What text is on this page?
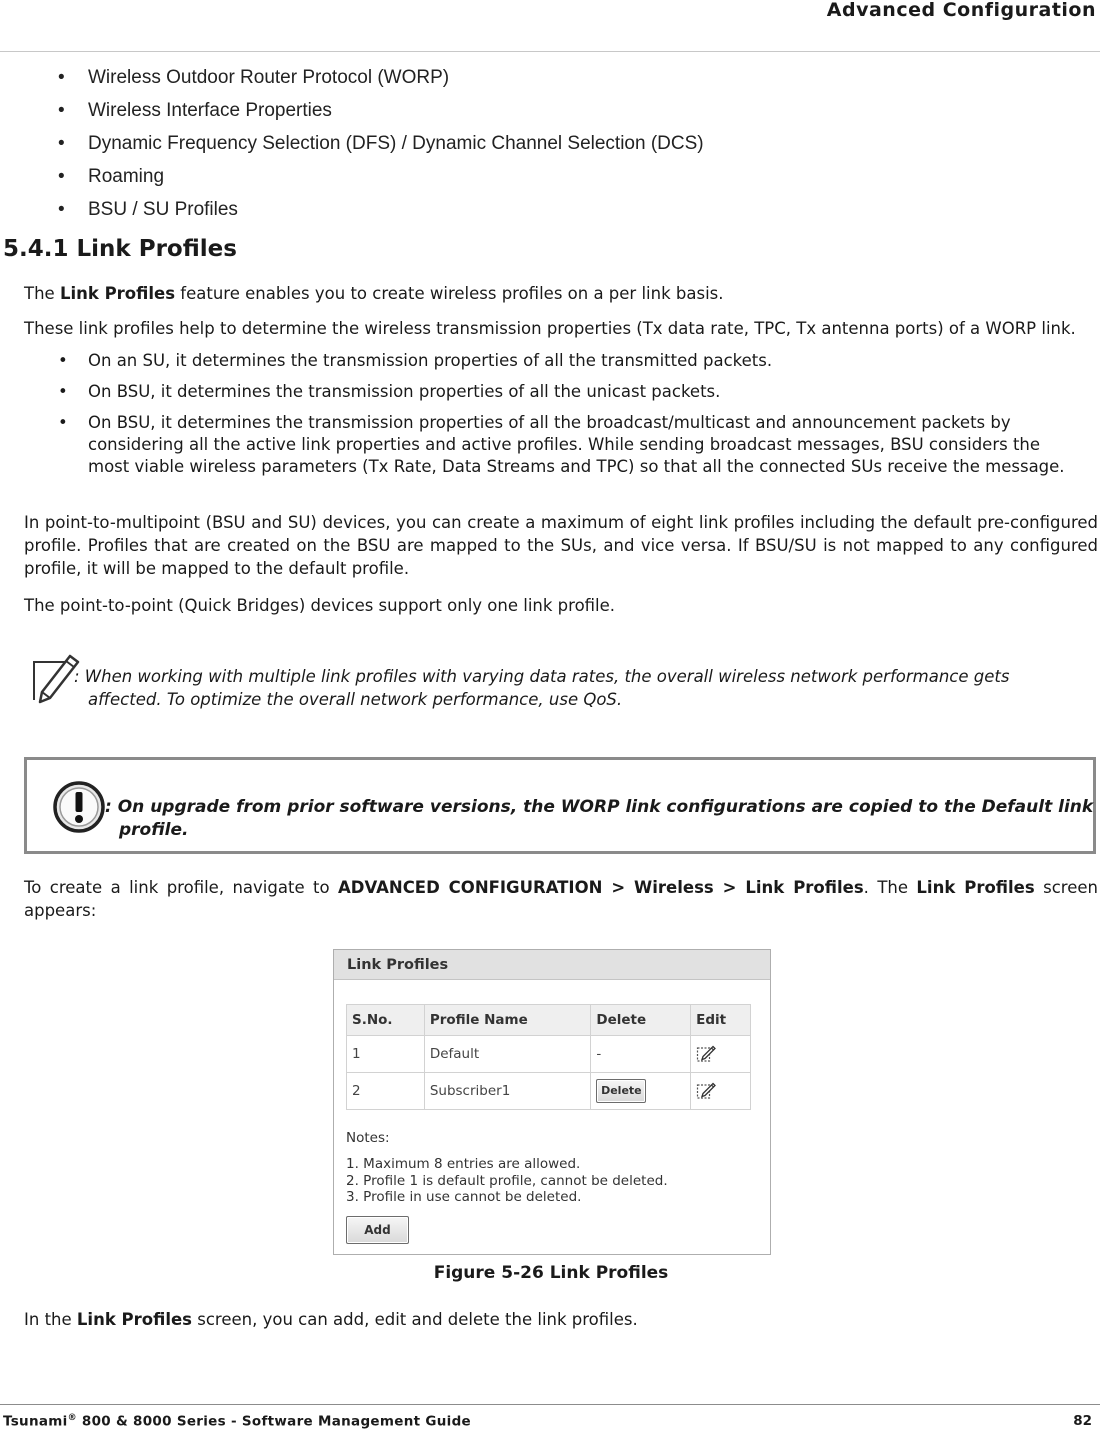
Advanced Configuration
• Wireless Outdoor Router Protocol (WORP)
• Wireless Interface Properties
• Dynamic Frequency Selection (DFS) / Dynamic Channel Selection (DCS)
• Roaming
• BSU / SU Profiles
5.4.1 Link Profiles

The Link Profiles feature enables you to create wireless profiles on a per link basis.

These link profiles help to determine the wireless transmission properties (Tx data rate, TPC, Tx antenna ports) of a WORP link.

• On an SU, it determines the transmission properties of all the transmitted packets.
• On BSU, it determines the transmission properties of all the unicast packets.
• On BSU, it determines the transmission properties of all the broadcast/multicast and announcement packets by considering all the active link properties and active profiles. While sending broadcast messages, BSU considers the most viable wireless parameters (Tx Rate, Data Streams and TPC) so that all the connected SUs receive the message.

In point-to-multipoint (BSU and SU) devices, you can create a maximum of eight link profiles including the default pre-configured profile. Profiles that are created on the BSU are mapped to the SUs, and vice versa. If BSU/SU is not mapped to any configured profile, it will be mapped to the default profile.

The point-to-point (Quick Bridges) devices support only one link profile.

: When working with multiple link profiles with varying data rates, the overall wireless network performance gets
affected. To optimize the overall network performance, use QoS.
: On upgrade from prior software versions, the WORP link configurations are copied to the Default link
profile.

To create a link profile, navigate to ADVANCED CONFIGURATION > Wireless > Link Profiles. The Link Profiles screen appears:

Link Profiles
S.No.	Profile Name	Delete	Edit
1	Default	-	
2	Subscriber1	Delete	
Notes:
1. Maximum 8 entries are allowed.
2. Profile 1 is default profile, cannot be deleted.
3. Profile in use cannot be deleted.
Add
Figure 5-26 Link Profiles

In the Link Profiles screen, you can add, edit and delete the link profiles.

Tsunami® 800 & 8000 Series - Software Management Guide	82
